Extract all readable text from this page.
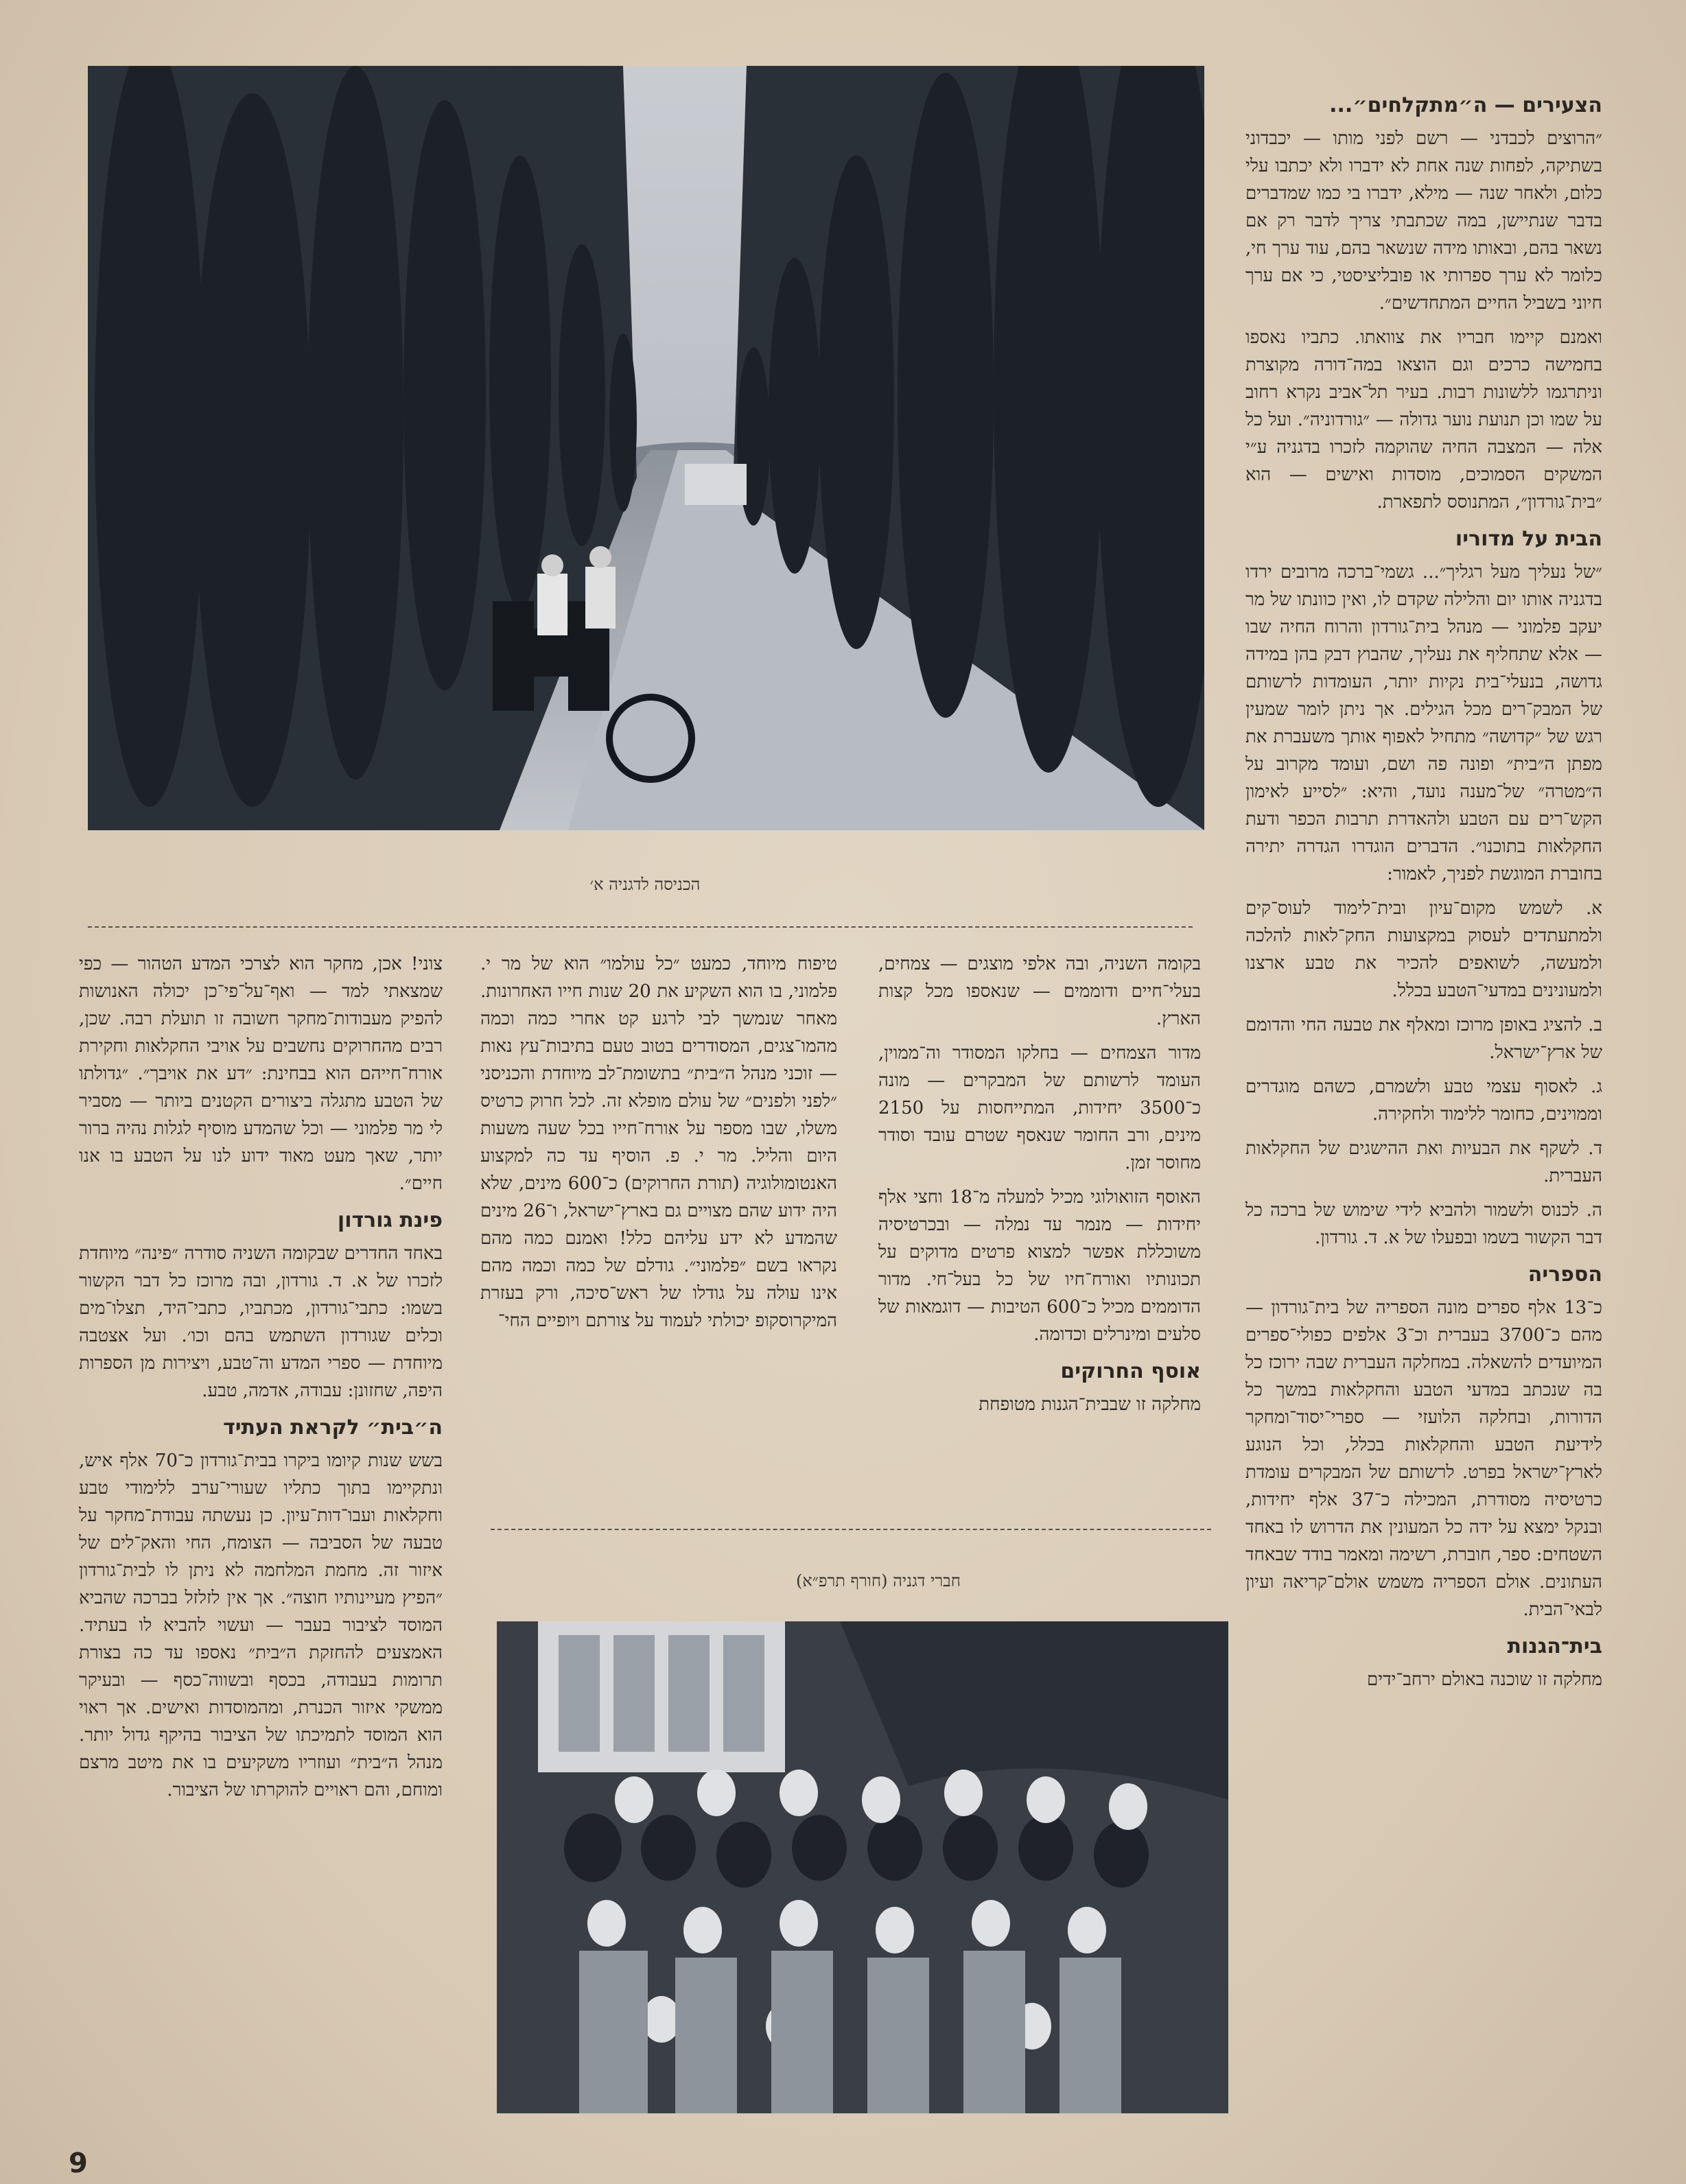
הכניסה לדגניה א׳
הצעירים — ה״מתקלחים״...

״הרוצים לכבדני — רשם לפני מותו — יכבדוני בשתיקה, לפחות שנה אחת לא ידברו ולא יכתבו עלי כלום, ולאחר שנה — מילא, ידברו בי כמו שמדברים בדבר שנתיישן, במה שכתבתי צריך לדבר רק אם נשאר בהם, ובאותו מידה שנשאר בהם, עוד ערך חי, כלומר לא ערך ספרותי או פובליציסטי, כי אם ערך חיוני בשביל החיים המתחדשים״.

ואמנם קיימו חבריו את צוואתו. כתביו נאספו בחמישה כרכים וגם הוצאו במה־דורה מקוצרת וניתרגמו ללשונות רבות. בעיר תל־אביב נקרא רחוב על שמו וכן תנועת נוער גדולה — ״גורדוניה״. ועל כל אלה — המצבה החיה שהוקמה לזכרו בדגניה ע״י המשקים הסמוכים, מוסדות ואישים — הוא ״בית־גורדון״, המתנוסס לתפארת.

הבית על מדוריו

״של נעליך מעל רגליך״... גשמי־ברכה מרובים ירדו בדגניה אותו יום והלילה שקדם לו, ואין כוונתו של מר יעקב פלמוני — מנהל בית־גורדון והרוח החיה שבו — אלא שתחליף את נעליך, שהבוץ דבק בהן במידה גדושה, בנעלי־בית נקיות יותר, העומדות לרשותם של המבק־רים מכל הגילים. אך ניתן לומר שמעין רגש של ״קדושה״ מתחיל לאפוף אותך משעברת את מפתן ה״בית״ ופונה פה ושם, ועומד מקרוב על ה״מטרה״ של־מענה נועד, והיא: ״לסייע לאימון הקש־רים עם הטבע ולהאדרת תרבות הכפר ודעת החקלאות בתוכנו״. הדברים הוגדרו הגדרה יתירה בחוברת המוגשת לפניך, לאמור:

א. לשמש מקום־עיון ובית־לימוד לעוס־קים ולמתעתדים לעסוק במקצועות החק־לאות להלכה ולמעשה, לשואפים להכיר את טבע ארצנו ולמעונינים במדעי־הטבע בכלל.

ב. להציג באופן מרוכז ומאלף את טבעה החי והדומם של ארץ־ישראל.

ג. לאסוף עצמי טבע ולשמרם, כשהם מוגדרים וממוינים, כחומר ללימוד ולחקירה.

ד. לשקף את הבעיות ואת ההישגים של החקלאות העברית.

ה. לכנוס ולשמור ולהביא לידי שימוש של ברכה כל דבר הקשור בשמו ובפעלו של א. ד. גורדון.

הספריה

כ־13 אלף ספרים מונה הספריה של בית־גורדון — מהם כ־3700 בעברית וכ־3 אלפים כפולי־ספרים המיועדים להשאלה. במחלקה העברית שבה ירוכז כל בה שנכתב במדעי הטבע והחקלאות במשך כל הדורות, ובחלקה הלועזי — ספרי־יסוד־ומחקר לידיעת הטבע והחקלאות בכלל, וכל הנוגע לארץ־ישראל בפרט. לרשותם של המבקרים עומדת כרטיסיה מסודרת, המכילה כ־37 אלף יחידות, ובנקל ימצא על ידה כל המעונין את הדרוש לו באחד השטחים: ספר, חוברת, רשימה ומאמר בודד שבאחד העתונים. אולם הספריה משמש אולם־קריאה ועיון לבאי־הבית.

בית־הגנות

מחלקה זו שוכנה באולם ירחב־ידים

בקומה השניה, ובה אלפי מוצגים — צמחים, בעלי־חיים ודוממים — שנאספו מכל קצות הארץ.

מדור הצמחים — בחלקו המסודר וה־ממוין, העומד לרשותם של המבקרים — מונה כ־3500 יחידות, המתייחסות על 2150 מינים, ורב החומר שנאסף שטרם עובד וסודר מחוסר זמן.

האוסף הזואולוגי מכיל למעלה מ־18 וחצי אלף יחידות — מנמר עד נמלה — ובכרטיסיה משוכללת אפשר למצוא פרטים מדוקים על תכונותיו ואורח־חיו של כל בעל־חי. מדור הדוממים מכיל כ־600 הטיבות — דוגמאות של סלעים ומינרלים וכדומה.

אוסף החרוקים

מחלקה זו שבבית־הגנות מטופחת

טיפוח מיוחד, כמעט ״כל עולמו״ הוא של מר י. פלמוני, בו הוא השקיע את 20 שנות חייו האחרונות. מאחר שנמשך לבי לרגע קט אחרי כמה וכמה מהמו־צגים, המסודרים בטוב טעם בתיבות־עץ נאות — זוכני מנהל ה״בית״ בתשומת־לב מיוחדת והכניסני ״לפני ולפנים״ של עולם מופלא זה. לכל חרוק כרטיס משלו, שבו מספר על אורח־חייו בכל שעה משעות היום והליל. מר י. פ. הוסיף עד כה למקצוע האנטומולוגיה (תורת החרוקים) כ־600 מינים, שלא היה ידוע שהם מצויים גם בארץ־ישראל, ו־26 מינים שהמדע לא ידע עליהם כלל! ואמנם כמה מהם נקראו בשם ״פלמוני״. גודלם של כמה וכמה מהם אינו עולה על גודלו של ראש־סיכה, ורק בעזרת המיקרוסקופ יכולתי לעמוד על צורתם ויופיים החי־

צוני! אכן, מחקר הוא לצרכי המדע הטהור — כפי שמצאתי למד — ואף־על־פי־כן יכולה האנושות להפיק מעבודות־מחקר חשובה זו תועלת רבה. שכן, רבים מהחרוקים נחשבים על אויבי החקלאות וחקירת אורח־חייהם הוא בבחינת: ״דע את אויבך״. ״גדולתו של הטבע מתגלה ביצורים הקטנים ביותר — מסביר לי מר פלמוני — וכל שהמדע מוסיף לגלות נהיה ברור יותר, שאך מעט מאוד ידוע לנו על הטבע בו אנו חיים״.

פינת גורדון

באחד החדרים שבקומה השניה סודרה ״פינה״ מיוחדת לזכרו של א. ד. גורדון, ובה מרוכז כל דבר הקשור בשמו: כתבי־גורדון, מכתביו, כתבי־היד, תצלו־מים וכלים שגורדון השתמש בהם וכו׳. ועל אצטבה מיוחדת — ספרי המדע וה־טבע, ויצירות מן הספרות היפה, שחזונן: עבודה, אדמה, טבע.

ה״בית״ לקראת העתיד

בשש שנות קיומו ביקרו בבית־גורדון כ־70 אלף איש, ונתקיימו בתוך כתליו שעורי־ערב ללימודי טבע וחקלאות ועבו־דות־עיון. כן נעשתה עבודת־מחקר על טבעה של הסביבה — הצומח, החי והאק־לים של איזור זה. מחמת המלחמה לא ניתן לו לבית־גורדון ״הפיץ מעיינותיו חוצה״. אך אין לזלזל בברכה שהביא המוסד לציבור בעבר — ועשוי להביא לו בעתיד. האמצעים להחזקת ה״בית״ נאספו עד כה בצורת תרומות בעבודה, בכסף ובשווה־כסף — ובעיקר ממשקי איזור הכנרת, ומהמוסדות ואישים. אך ראוי הוא המוסד לתמיכתו של הציבור בהיקף גדול יותר. מנהל ה״בית״ ועוזריו משקיעים בו את מיטב מרצם ומוחם, והם ראויים להוקרתו של הציבור.

חברי דגניה (חורף תרפ״א)
9
